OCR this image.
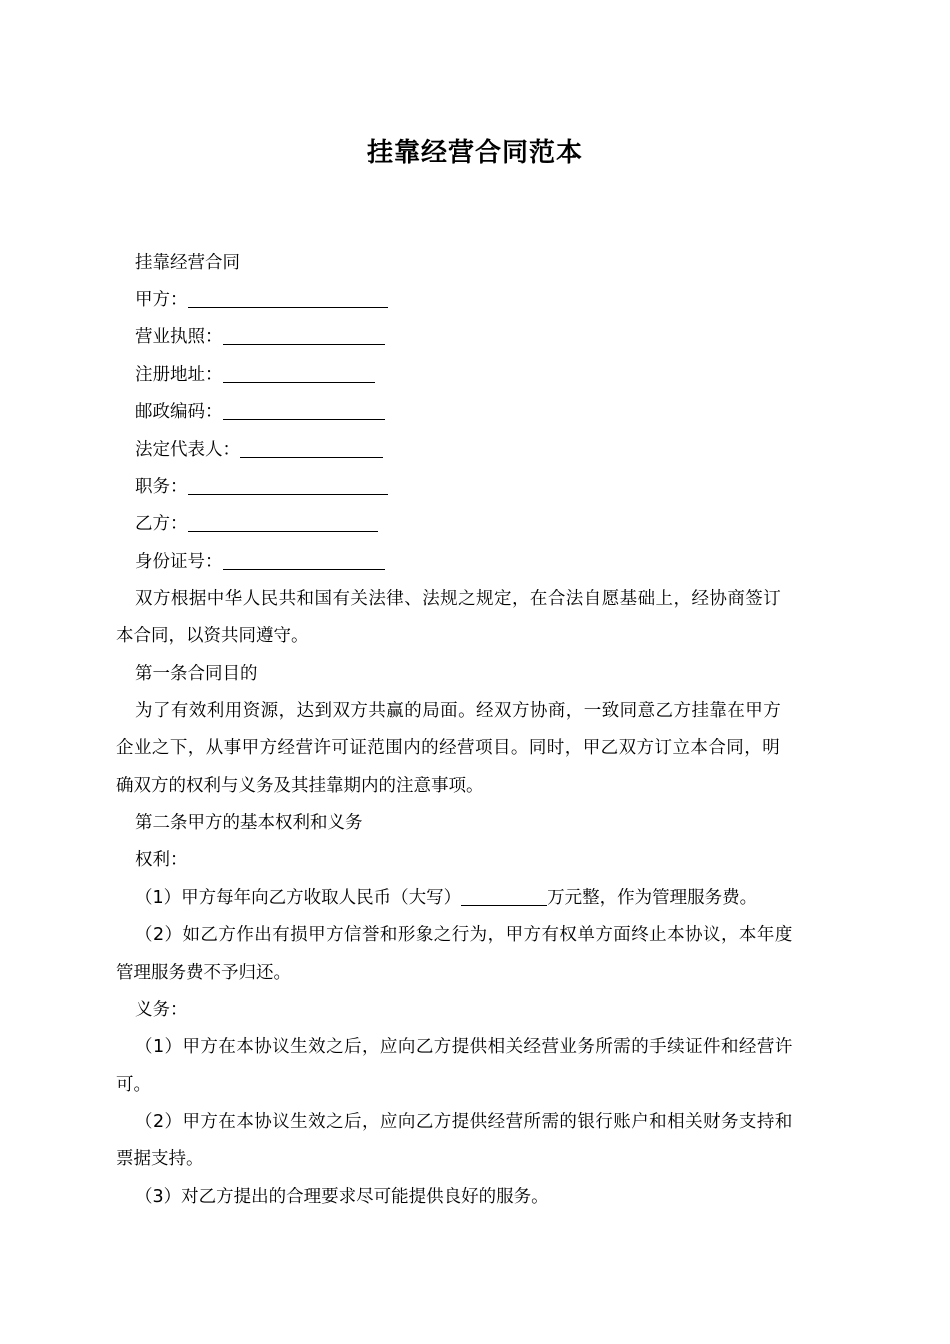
挂靠经营合同范本
挂靠经营合同
甲方：
营业执照：
注册地址：
邮政编码：
法定代表人：
职务：
乙方：
身份证号：
双方根据中华人民共和国有关法律、法规之规定，在合法自愿基础上，经协商签订
本合同，以资共同遵守。
第一条合同目的
为了有效利用资源，达到双方共赢的局面。经双方协商，一致同意乙方挂靠在甲方
企业之下，从事甲方经营许可证范围内的经营项目。同时，甲乙双方订立本合同，明
确双方的权利与义务及其挂靠期内的注意事项。
第二条甲方的基本权利和义务
权利：
（1）甲方每年向乙方收取人民币（大写）	万元整，作为管理服务费。
（2）如乙方作出有损甲方信誉和形象之行为，甲方有权单方面终止本协议，本年度
管理服务费不予归还。
义务：
（1）甲方在本协议生效之后，应向乙方提供相关经营业务所需的手续证件和经营许
可。
（2）甲方在本协议生效之后，应向乙方提供经营所需的银行账户和相关财务支持和
票据支持。
（3）对乙方提出的合理要求尽可能提供良好的服务。
